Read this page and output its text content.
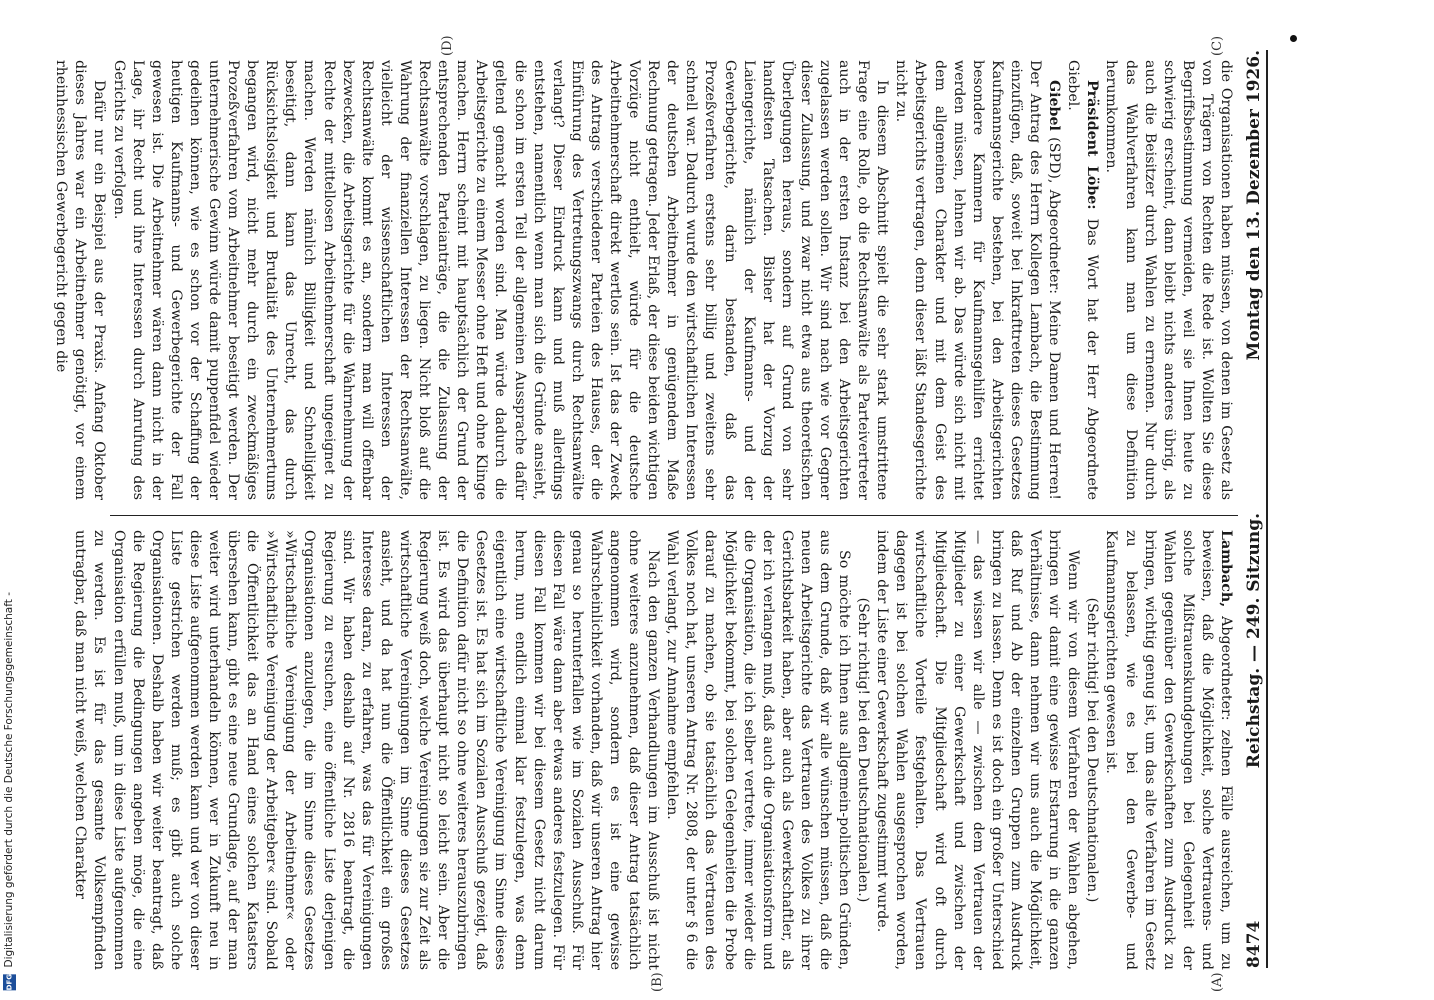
DFG
Digitalisierung gefördert durch die Deutsche Forschungsgemeinschaft -	8474
Reichstag. — 249. Sitzung.
Montag den 13. Dezember 1926.
(A)
(B)
(C)
(D)

Lambach, Abgeordneter: zelnen Fälle ausreichen, um zu beweisen, daß die Möglichkeit, solche Vertrauens- und solche Mißtrauenskundgebungen bei Gelegenheit der Wahlen gegenüber den Gewerkschaften zum Ausdruck zu bringen, wichtig genug ist, um das alte Verfahren im Gesetz zu belassen, wie es bei den Gewerbe- und Kaufmannsgerichten gewesen ist.

(Sehr richtig! bei den Deutschnationalen.)

Wenn wir von diesem Verfahren der Wahlen abgehen, bringen wir damit eine gewisse Erstarrung in die ganzen Verhältnisse, dann nehmen wir uns auch die Möglichkeit, daß Ruf und Ab der einzelnen Gruppen zum Ausdruck bringen zu lassen. Denn es ist doch ein großer Unterschied — das wissen wir alle — zwischen dem Vertrauen der Mitglieder zu einer Gewerkschaft und zwischen der Mitgliedschaft. Die Mitgliedschaft wird oft durch wirtschaftliche Vorteile festgehalten. Das Vertrauen dagegen ist bei solchen Wahlen ausgesprochen worden, indem der Liste einer Gewerkschaft zugestimmt wurde.

(Sehr richtig! bei den Deutschnationalen.)

So möchte ich Ihnen aus allgemein-politischen Gründen, aus dem Grunde, daß wir alle wünschen müssen, daß die neuen Arbeitsgerichte das Vertrauen des Volkes zu ihrer Gerichtsbarkeit haben, aber auch als Gewerkschaftler, als der ich verlangen muß, daß auch die Organisationsform und die Organisation, die ich selber vertrete, immer wieder die Möglichkeit bekommt, bei solchen Gelegenheiten die Probe darauf zu machen, ob sie tatsächlich das Vertrauen des Volkes noch hat, unseren Antrag Nr. 2808, der unter § 6 die Wahl verlangt, zur Annahme empfehlen.

Nach den ganzen Verhandlungen im Ausschuß ist nicht ohne weiteres anzunehmen, daß dieser Antrag tatsächlich angenommen wird, sondern es ist eine gewisse Wahrscheinlichkeit vorhanden, daß wir unseren Antrag hier genau so herunterfallen wie im Sozialen Ausschuß. Für diesen Fall wäre dann aber etwas anderes festzulegen. Für diesen Fall kommen wir bei diesem Gesetz nicht darum herum, nun endlich einmal klar festzulegen, was denn eigentlich eine wirtschaftliche Vereinigung im Sinne dieses Gesetzes ist. Es hat sich im Sozialen Ausschuß gezeigt, daß die Definition dafür nicht so ohne weiteres herauszubringen ist. Es wird das überhaupt nicht so leicht sein. Aber die Regierung weiß doch, welche Vereinigungen sie zur Zeit als wirtschaftliche Vereinigungen im Sinne dieses Gesetzes ansieht, und da hat nun die Öffentlichkeit ein großes Interesse daran, zu erfahren, was das für Vereinigungen sind. Wir haben deshalb auf Nr. 2816 beantragt, die Regierung zu ersuchen, eine öffentliche Liste derjenigen Organisationen anzulegen, die im Sinne dieses Gesetzes »Wirtschaftliche Vereinigung der Arbeitnehmer« oder »Wirtschaftliche Vereinigung der Arbeitgeber« sind. Sobald die Öffentlichkeit das an Hand eines solchen Katasters übersehen kann, gibt es eine neue Grundlage, auf der man weiter wird unterhandeln können, wer in Zukunft neu in diese Liste aufgenommen werden kann und wer von dieser Liste gestrichen werden muß; es gibt auch solche Organisationen. Deshalb haben wir weiter beantragt, daß die Regierung die Bedingungen angeben möge, die eine Organisation erfüllen muß, um in diese Liste aufgenommen zu werden. Es ist für das gesamte Volksempfinden untragbar, daß man nicht weiß, welchen Charakter

die Organisationen haben müssen, von denen im Gesetz als von Trägern von Rechten die Rede ist. Wollten Sie diese Begriffsbestimmung vermeiden, weil sie Ihnen heute zu schwierig erscheint, dann bleibt nichts anderes übrig, als auch die Beisitzer durch Wahlen zu ernennen. Nur durch das Wahlverfahren kann man um diese Definition herumkommen.

Präsident Löbe: Das Wort hat der Herr Abgeordnete Giebel.

Giebel (SPD), Abgeordneter: Meine Damen und Herren! Der Antrag des Herrn Kollegen Lambach, die Bestimmung einzufügen, daß, soweit bei Inkrafttreten dieses Gesetzes Kaufmannsgerichte bestehen, bei den Arbeitsgerichten besondere Kammern für Kaufmannsgehilfen errichtet werden müssen, lehnen wir ab. Das würde sich nicht mit dem allgemeinen Charakter und mit dem Geist des Arbeitsgerichts vertragen, denn dieser läßt Standesgerichte nicht zu.

In diesem Abschnitt spielt die sehr stark umstrittene Frage eine Rolle, ob die Rechtsanwälte als Parteivertreter auch in der ersten Instanz bei den Arbeitsgerichten zugelassen werden sollen. Wir sind nach wie vor Gegner dieser Zulassung, und zwar nicht etwa aus theoretischen Überlegungen heraus, sondern auf Grund von sehr handfesten Tatsachen. Bisher hat der Vorzug der Laiengerichte, nämlich der Kaufmanns- und der Gewerbegerichte, darin bestanden, daß das Prozeßverfahren erstens sehr billig und zweitens sehr schnell war. Dadurch wurde den wirtschaftlichen Interessen der deutschen Arbeitnehmer in genügendem Maße Rechnung getragen. Jeder Erlaß, der diese beiden wichtigen Vorzüge nicht enthielt, würde für die deutsche Arbeitnehmerschaft direkt wertlos sein. Ist das der Zweck des Antrags verschiedener Parteien des Hauses, der die Einführung des Vertretungszwangs durch Rechtsanwälte verlangt? Dieser Eindruck kann und muß allerdings entstehen, namentlich wenn man sich die Gründe ansieht, die schon im ersten Teil der allgemeinen Aussprache dafür geltend gemacht worden sind. Man würde dadurch die Arbeitsgerichte zu einem Messer ohne Heft und ohne Klinge machen. Herrn scheint mit hauptsächlich der Grund der entsprechenden Parteianträge, die die Zulassung der Rechtsanwälte vorschlagen, zu liegen. Nicht bloß auf die Wahrung der finanziellen Interessen der Rechtsanwälte, vielleicht der wissenschaftlichen Interessen der Rechtsanwälte kommt es an, sondern man will offenbar bezwecken, die Arbeitsgerichte für die Wahrnehmung der Rechte der mittellosen Arbeitnehmerschaft ungeeignet zu machen. Werden nämlich Billigkeit und Schnelligkeit beseitigt, dann kann das Unrecht, das durch Rücksichtslosigkeit und Brutalität des Unternehmertums begangen wird, nicht mehr durch ein zweckmäßiges Prozeßverfahren vom Arbeitnehmer beseitigt werden. Der unternehmerische Gewinn würde damit puppenfidel wieder gedeihen können, wie es schon vor der Schaffung der heutigen Kaufmanns- und Gewerbegerichte der Fall gewesen ist. Die Arbeitnehmer wären dann nicht in der Lage, ihr Recht und ihre Interessen durch Anrufung des Gerichts zu verfolgen.

Dafür nur ein Beispiel aus der Praxis. Anfang Oktober dieses Jahres war ein Arbeitnehmer genötigt, vor einem rheinhessischen Gewerbegericht gegen die
